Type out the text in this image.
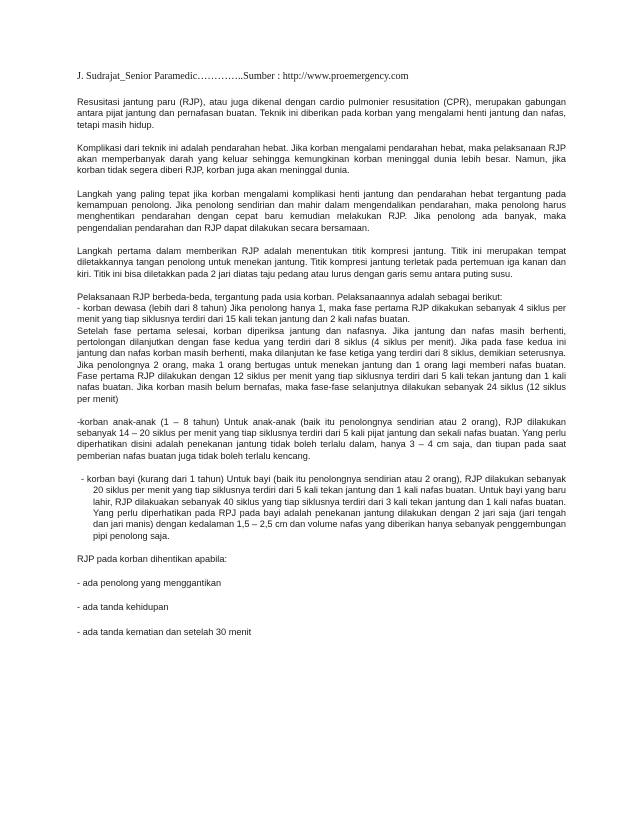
J. Sudrajat_Senior Paramedic…………..Sumber : http://www.proemergency.com

Resusitasi jantung paru (RJP), atau juga dikenal dengan cardio pulmonier resusitation (CPR), merupakan gabungan antara pijat jantung dan pernafasan buatan. Teknik ini diberikan pada korban yang mengalami henti jantung dan nafas, tetapi masih hidup.

Komplikasi dari teknik ini adalah pendarahan hebat. Jika korban mengalami pendarahan hebat, maka pelaksanaan RJP akan memperbanyak darah yang keluar sehingga kemungkinan korban meninggal dunia lebih besar. Namun, jika korban tidak segera diberi RJP, korban juga akan meninggal dunia.

Langkah yang paling tepat jika korban mengalami komplikasi henti jantung dan pendarahan hebat tergantung pada kemampuan penolong. Jika penolong sendirian dan mahir dalam mengendalikan pendarahan, maka penolong harus menghentikan pendarahan dengan cepat baru kemudian melakukan RJP. Jika penolong ada banyak, maka pengendalian pendarahan dan RJP dapat dilakukan secara bersamaan.

Langkah pertama dalam memberikan RJP adalah menentukan titik kompresi jantung. Titik ini merupakan tempat diletakkannya tangan penolong untuk menekan jantung. Titik kompresi jantung terletak pada pertemuan iga kanan dan kiri. Titik ini bisa diletakkan pada 2 jari diatas taju pedang atau lurus dengan garis semu antara puting susu.

Pelaksanaan RJP berbeda-beda, tergantung pada usia korban. Pelaksanaannya adalah sebagai berikut:

- korban dewasa (lebih dari 8 tahun) Jika penolong hanya 1, maka fase pertama RJP dikakukan sebanyak 4 siklus per menit yang tiap siklusnya terdiri dari 15 kali tekan jantung dan 2 kali nafas buatan.

Setelah fase pertama selesai, korban diperiksa jantung dan nafasnya. Jika jantung dan nafas masih berhenti, pertolongan dilanjutkan dengan fase kedua yang terdiri dari 8 siklus (4 siklus per menit). Jika pada fase kedua ini jantung dan nafas korban masih berhenti, maka dilanjutan ke fase ketiga yang terdiri dari 8 siklus, demikian seterusnya. Jika penolongnya 2 orang, maka 1 orang bertugas untuk menekan jantung dan 1 orang lagi memberi nafas buatan. Fase pertama RJP dilakukan dengan 12 siklus per menit yang tiap siklusnya terdiri dari 5 kali tekan jantung dan 1 kali nafas buatan. Jika korban masih belum bernafas, maka fase-fase selanjutnya dilakukan sebanyak 24 siklus (12 siklus per menit)

-korban anak-anak (1 – 8 tahun) Untuk anak-anak (baik itu penolongnya sendirian atau 2 orang), RJP dilakukan sebanyak 14 – 20 siklus per menit yang tiap siklusnya terdiri dari 5 kali pijat jantung dan sekali nafas buatan. Yang perlu diperhatikan disini adalah penekanan jantung tidak boleh terlalu dalam, hanya 3 – 4 cm saja, dan tiupan pada saat pemberian nafas buatan juga tidak boleh terlalu kencang.

- korban bayi (kurang dari 1 tahun) Untuk bayi (baik itu penolongnya sendirian atau 2 orang), RJP dilakukan sebanyak 20 siklus per menit yang tiap siklusnya terdiri dari 5 kali tekan jantung dan 1 kali nafas buatan. Untuk bayi yang baru lahir, RJP dilakuakan sebanyak 40 siklus yang tiap siklusnya terdiri dari 3 kali tekan jantung dan 1 kali nafas buatan. Yang perlu diperhatikan pada RPJ pada bayi adalah penekanan jantung dilakukan dengan 2 jari saja (jari tengah dan jari manis) dengan kedalaman 1,5 – 2,5 cm dan volume nafas yang diberikan hanya sebanyak penggembungan pipi penolong saja.

RJP pada korban dihentikan apabila:

- ada penolong yang menggantikan

- ada tanda kehidupan

- ada tanda kematian dan setelah 30 menit
